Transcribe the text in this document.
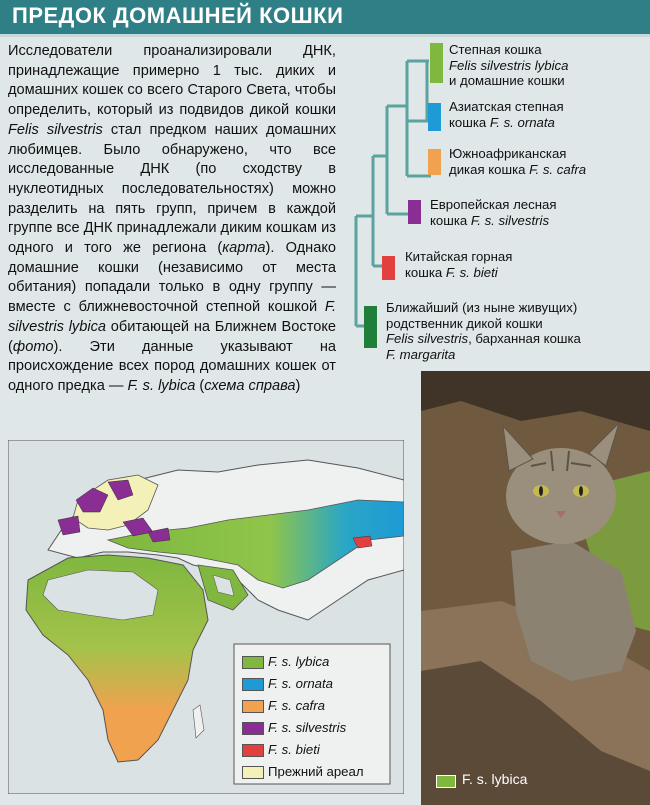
ПРЕДОК ДОМАШНЕЙ КОШКИ
Исследователи проанализировали ДНК, принадлежащие примерно 1 тыс. диких и домашних кошек со всего Старого Света, чтобы определить, который из подвидов дикой кошки Felis silvestris стал предком наших домашних любимцев. Было обнаружено, что все исследованные ДНК (по сходству в нуклеотидных последовательностях) можно разделить на пять групп, причем в каждой группе все ДНК принадлежали диким кошкам из одного и того же региона (карта). Однако домашние кошки (независимо от места обитания) попадали только в одну группу — вместе с ближневосточной степной кошкой F. silvestris lybica обитающей на Ближнем Востоке (фото). Эти данные указывают на происхождение всех пород домашних кошек от одного предка — F. s. lybica (схема справа)
Степная кошка
Felis silvestris lybica
и домашние кошки
Азиатская степная
кошка F. s. ornata
Южноафриканская
дикая кошка F. s. cafra
Европейская лесная
кошка F. s. silvestris
Китайская горная
кошка F. s. bieti
Ближайший (из ныне живущих)
родственник дикой кошки
Felis silvestris, барханная кошка
F. margarita
F. s. lybica
F. s. ornata
F. s. cafra
F. s. silvestris
F. s. bieti
Прежний ареал	F. s. lybica
